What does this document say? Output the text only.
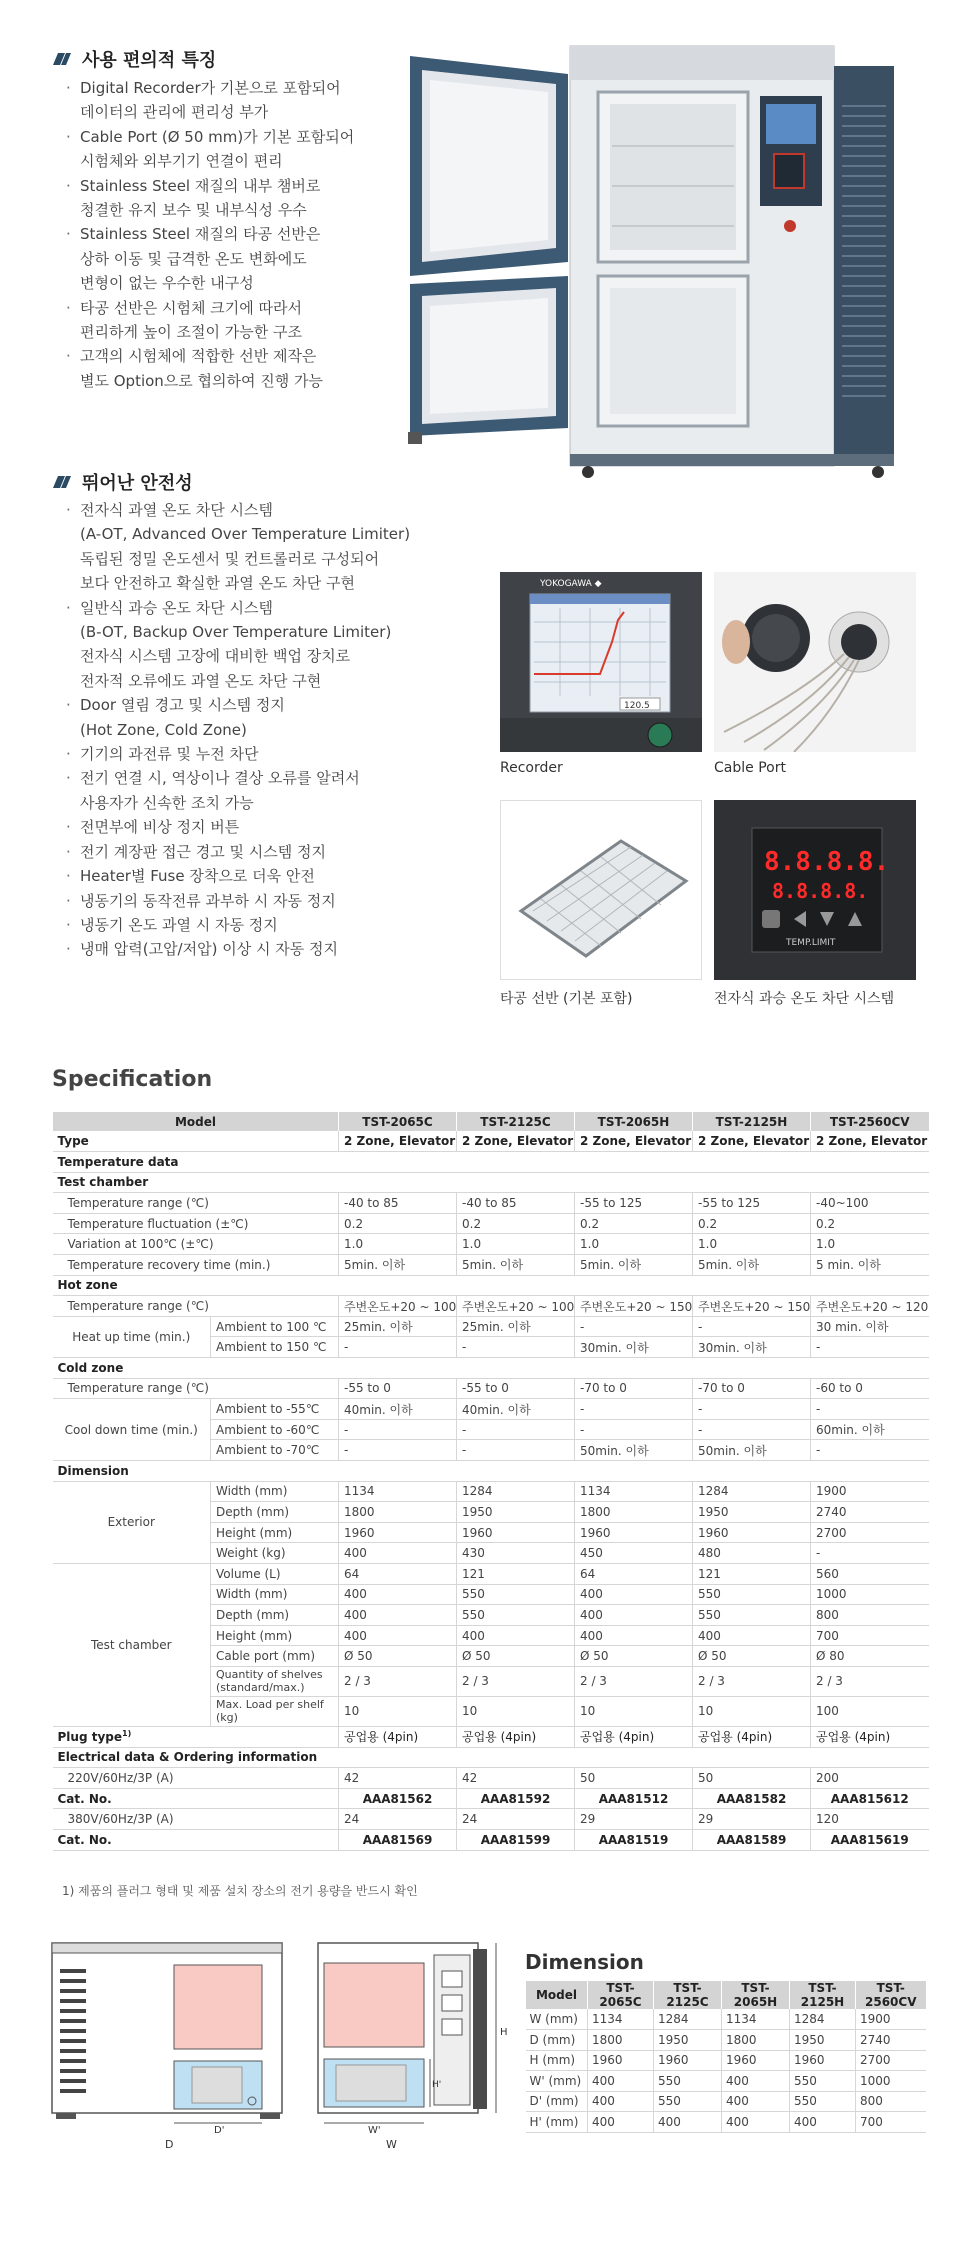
사용 편의적 특징
· Digital Recorder가 기본으로 포함되어
데이터의 관리에 편리성 부가
· Cable Port (Ø 50 mm)가 기본 포함되어
시험체와 외부기기 연결이 편리
· Stainless Steel 재질의 내부 챔버로
청결한 유지 보수 및 내부식성 우수
· Stainless Steel 재질의 타공 선반은
상하 이동 및 급격한 온도 변화에도
변형이 없는 우수한 내구성
· 타공 선반은 시험체 크기에 따라서
편리하게 높이 조절이 가능한 구조
· 고객의 시험체에 적합한 선반 제작은
별도 Option으로 협의하여 진행 가능
뛰어난 안전성
· 전자식 과열 온도 차단 시스템
(A-OT, Advanced Over Temperature Limiter)
독립된 정밀 온도센서 및 컨트롤러로 구성되어
보다 안전하고 확실한 과열 온도 차단 구현
· 일반식 과승 온도 차단 시스템
(B-OT, Backup Over Temperature Limiter)
전자식 시스템 고장에 대비한 백업 장치로
전자적 오류에도 과열 온도 차단 구현
· Door 열림 경고 및 시스템 정지
(Hot Zone, Cold Zone)
· 기기의 과전류 및 누전 차단
· 전기 연결 시, 역상이나 결상 오류를 알려서
사용자가 신속한 조치 가능
· 전면부에 비상 정지 버튼
· 전기 계장판 접근 경고 및 시스템 정지
· Heater별 Fuse 장착으로 더욱 안전
· 냉동기의 동작전류 과부하 시 자동 정지
· 냉동기 온도 과열 시 자동 정지
· 냉매 압력(고압/저압) 이상 시 자동 정지
YOKOGAWA ◆
120.5
Recorder	Cable Port
타공 선반 (기본 포함)
8.8.8.8.
8.8.8.8.
TEMP.LIMIT
전자식 과승 온도 차단 시스템
Specification
Model		TST-2065C	TST-2125C	TST-2065H	TST-2125H	TST-2560CV
Type		2 Zone, Elevator	2 Zone, Elevator	2 Zone, Elevator	2 Zone, Elevator	2 Zone, Elevator
Temperature data						
Test chamber						
Temperature range (℃)		-40 to 85	-40 to 85	-55 to 125	-55 to 125	-40~100
Temperature fluctuation (±℃)		0.2	0.2	0.2	0.2	0.2
Variation at 100℃ (±℃)		1.0	1.0	1.0	1.0	1.0
Temperature recovery time (min.)		5min. 이하	5min. 이하	5min. 이하	5min. 이하	5 min. 이하
Hot zone						
Temperature range (℃)		주변온도+20 ~ 100	주변온도+20 ~ 100	주변온도+20 ~ 150	주변온도+20 ~ 150	주변온도+20 ~ 120
Heat up time (min.)	Ambient to 100 ℃	25min. 이하	25min. 이하	-	-	30 min. 이하
	Ambient to 150 ℃	-	-	30min. 이하	30min. 이하	-
Cold zone						
Temperature range (℃)		-55 to 0	-55 to 0	-70 to 0	-70 to 0	-60 to 0
Cool down time (min.)	Ambient to -55℃	40min. 이하	40min. 이하	-	-	-
	Ambient to -60℃	-	-	-	-	60min. 이하
	Ambient to -70℃	-	-	50min. 이하	50min. 이하	-
Dimension						
Exterior	Width (mm)	1134	1284	1134	1284	1900
	Depth (mm)	1800	1950	1800	1950	2740
	Height (mm)	1960	1960	1960	1960	2700
	Weight (kg)	400	430	450	480	-
Test chamber	Volume (L)	64	121	64	121	560
	Width (mm)	400	550	400	550	1000
	Depth (mm)	400	550	400	550	800
	Height (mm)	400	400	400	400	700
	Cable port (mm)	Ø 50	Ø 50	Ø 50	Ø 50	Ø 80
	Quantity of shelves
(standard/max.)	2 / 3	2 / 3	2 / 3	2 / 3	2 / 3
	Max. Load per shelf
(kg)	10	10	10	10	100
Plug type$^{1)}$		공업용 (4pin)	공업용 (4pin)	공업용 (4pin)	공업용 (4pin)	공업용 (4pin)
Electrical data & Ordering information						
220V/60Hz/3P (A)		42	42	50	50	200
Cat. No.		AAA81562	AAA81592	AAA81512	AAA81582	AAA815612
380V/60Hz/3P (A)		24	24	29	29	120
Cat. No.		AAA81569	AAA81599	AAA81519	AAA81589	AAA815619
1) 제품의 플러그 형태 및 제품 설치 장소의 전기 용량을 반드시 확인
D'
D
H
H'
W'
W
Dimension
Model	TST-2065C	TST-2125C	TST-2065H	TST-2125H	TST-2560CV
W (mm)	1134	1284	1134	1284	1900
D (mm)	1800	1950	1800	1950	2740
H (mm)	1960	1960	1960	1960	2700
W' (mm)	400	550	400	550	1000
D' (mm)	400	550	400	550	800
H' (mm)	400	400	400	400	700
